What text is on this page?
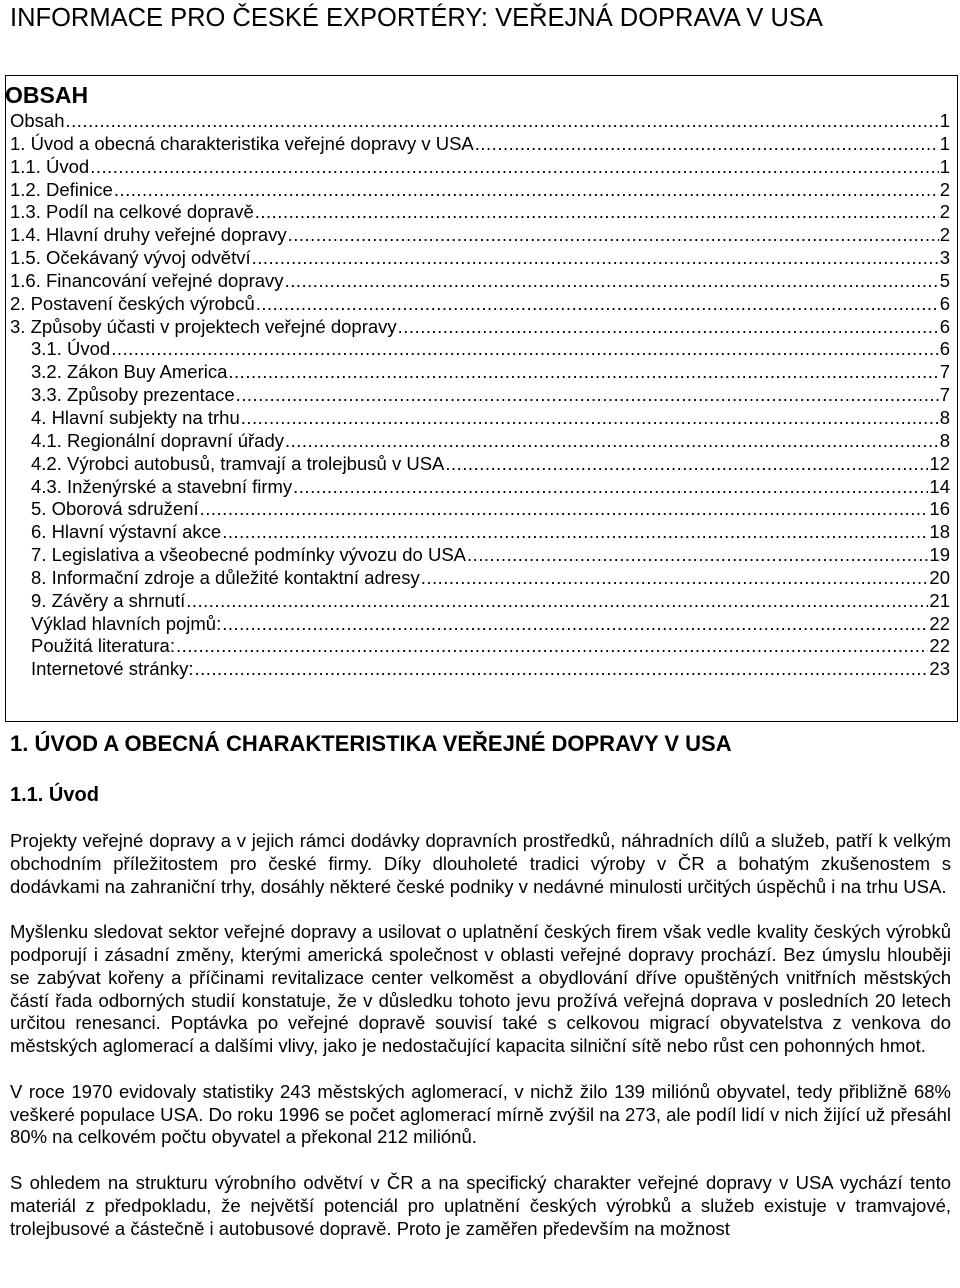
INFORMACE PRO ČESKÉ EXPORTÉRY: VEŘEJNÁ DOPRAVA V USA
OBSAH
Obsah .....	1
1. Úvod a obecná charakteristika veřejné dopravy v USA .....	1
1.1. Úvod .....	1
1.2. Definice .....	2
1.3. Podíl na celkové dopravě .....	2
1.4. Hlavní druhy veřejné dopravy .....	2
1.5. Očekávaný vývoj odvětví .....	3
1.6. Financování veřejné dopravy .....	5
2. Postavení českých výrobců .....	6
3. Způsoby účasti v projektech veřejné dopravy .....	6
3.1. Úvod .....	6
3.2. Zákon Buy America .....	7
3.3. Způsoby prezentace .....	7
4. Hlavní subjekty na trhu .....	8
4.1. Regionální dopravní úřady .....	8
4.2. Výrobci autobusů, tramvají a trolejbusů v USA .....	12
4.3. Inženýrské a stavební firmy .....	14
5. Oborová sdružení .....	16
6. Hlavní výstavní akce .....	18
7. Legislativa a všeobecné podmínky vývozu do USA .....	19
8. Informační zdroje a důležité kontaktní adresy .....	20
9. Závěry a shrnutí .....	21
Výklad hlavních pojmů: .....	22
Použitá literatura: .....	22
Internetové stránky: .....	23
1. ÚVOD A OBECNÁ CHARAKTERISTIKA VEŘEJNÉ DOPRAVY V USA
1.1. Úvod

Projekty veřejné dopravy a v jejich rámci dodávky dopravních prostředků, náhradních dílů a služeb, patří k velkým obchodním příležitostem pro české firmy. Díky dlouholeté tradici výroby v ČR a bohatým zkušenostem s dodávkami na zahraniční trhy, dosáhly některé české podniky v nedávné minulosti určitých úspěchů i na trhu USA.

Myšlenku sledovat sektor veřejné dopravy a usilovat o uplatnění českých firem však vedle kvality českých výrobků podporují i zásadní změny, kterými americká společnost v oblasti veřejné dopravy prochází. Bez úmyslu hlouběji se zabývat kořeny a příčinami revitalizace center velkoměst a obydlování dříve opuštěných vnitřních městských částí řada odborných studií konstatuje, že v důsledku tohoto jevu prožívá veřejná doprava v posledních 20 letech určitou renesanci. Poptávka po veřejné dopravě souvisí také s celkovou migrací obyvatelstva z venkova do městských aglomerací a dalšími vlivy, jako je nedostačující kapacita silniční sítě nebo růst cen pohonných hmot.

V roce 1970 evidovaly statistiky 243 městských aglomerací, v nichž žilo 139 miliónů obyvatel, tedy přibližně 68% veškeré populace USA. Do roku 1996 se počet aglomerací mírně zvýšil na 273, ale podíl lidí v nich žijící už přesáhl 80% na celkovém počtu obyvatel a překonal 212 miliónů.

S ohledem na strukturu výrobního odvětví v ČR a na specifický charakter veřejné dopravy v USA vychází tento materiál z předpokladu, že největší potenciál pro uplatnění českých výrobků a služeb existuje v tramvajové, trolejbusové a částečně i autobusové dopravě. Proto je zaměřen především na možnost
